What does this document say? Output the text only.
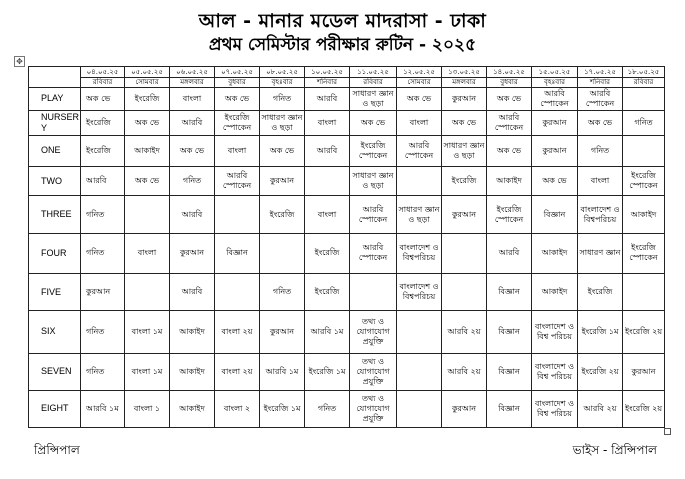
আল - মানার মডেল মাদরাসা - ঢাকা
প্রথম সেমিস্টার পরীক্ষার রুটিন - ২০২৫
✥
	০৪.০৫.২৫	০৫.০৫.২৫	০৬.০৫.২৫	০৭.০৫.২৫	০৮.০৫.২৫	১০.০৫.২৫	১১.০৫.২৫	১২.০৫.২৫	১৩.০৫.২৫	১৪.০৫.২৫	১৫.০৫.২৫	১৭.০৫.২৫	১৮.০৫.২৫
	রবিবার	সোমবার	মঙ্গলবার	বুধবার	বৃহঃবার	শনিবার	রবিবার	সোমবার	মঙ্গলবার	বুধবার	বৃহঃবার	শনিবার	রবিবার
PLAY	অক ভে	ইংরেজি	বাংলা	অক ভে	গনিত	আরবি	সাধারণ জ্ঞান ও ছড়া	অক ভে	কুরআন	অক ভে	আরবি স্পোকেন	আরবি স্পোকেন	
NURSERY	ইংরেজি	অক ভে	আরবি	ইংরেজি স্পোকেন	সাধারণ জ্ঞান ও ছড়া	বাংলা	অক ভে	বাংলা	অক ভে	আরবি স্পোকেন	কুরআন	অক ভে	গনিত
ONE	ইংরেজি	আকাইদ	অক ভে	বাংলা	অক ভে	আরবি	ইংরেজি স্পোকেন	আরবি স্পোকেন	সাধারণ জ্ঞান ও ছড়া	অক ভে	কুরআন	গনিত	
TWO	আরবি	অক ভে	গনিত	আরবি স্পোকেন	কুরআন		সাধারণ জ্ঞান ও ছড়া		ইংরেজি	আকাইদ	অক ভে	বাংলা	ইংরেজি স্পোকেন
THREE	গনিত		আরবি		ইংরেজি	বাংলা	আরবি স্পোকেন	সাধারণ জ্ঞান ও ছড়া	কুরআন	ইংরেজি স্পোকেন	বিজ্ঞান	বাংলাদেশ ও বিশ্বপরিচয়	আকাইদ
FOUR	গনিত	বাংলা	কুরআন	বিজ্ঞান		ইংরেজি	আরবি স্পোকেন	বাংলাদেশ ও বিশ্বপরিচয়		আরবি	আকাইদ	সাধারণ জ্ঞান	ইংরেজি স্পোকেন
FIVE	কুরআন		আরবি		গনিত	ইংরেজি		বাংলাদেশ ও বিশ্বপরিচয়		বিজ্ঞান	আকাইদ	ইংরেজি	
SIX	গনিত	বাংলা ১ম	আকাইদ	বাংলা ২য়	কুরআন	আরবি ১ম	তথ্য ও যোগাযোগ প্রযুক্তি		আরবি ২য়	বিজ্ঞান	বাংলাদেশ ও বিশ্ব পরিচয়	ইংরেজি ১ম	ইংরেজি ২য়
SEVEN	গনিত	বাংলা ১ম	আকাইদ	বাংলা ২য়	আরবি ১ম	ইংরেজি ১ম	তথ্য ও যোগাযোগ প্রযুক্তি		আরবি ২য়	বিজ্ঞান	বাংলাদেশ ও বিশ্ব পরিচয়	ইংরেজি ২য়	কুরআন
EIGHT	আরবি ১ম	বাংলা ১	আকাইদ	বাংলা ২	ইংরেজি ১ম	গনিত	তথ্য ও যোগাযোগ প্রযুক্তি		কুরআন	বিজ্ঞান	বাংলাদেশ ও বিশ্ব পরিচয়	আরবি ২য়	ইংরেজি ২য়
প্রিন্সিপাল	ভাইস - প্রিন্সিপাল
